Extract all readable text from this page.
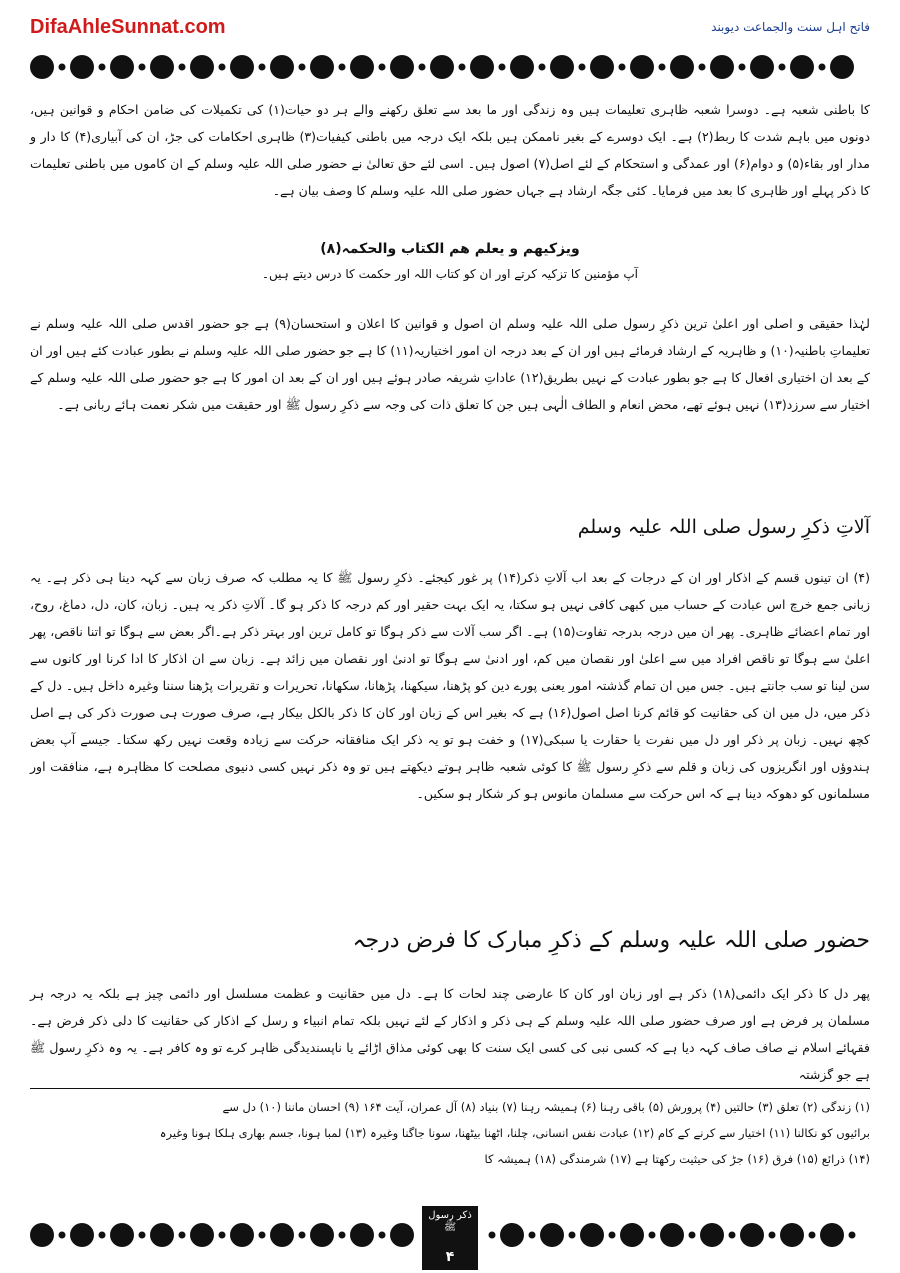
DifaAhleSunnat.com	فاتح اہل سنت والجماعت دیوبند

کا باطنی شعبہ ہے۔ دوسرا شعبہ ظاہری تعلیمات ہیں وہ زندگی اور ما بعد سے تعلق رکھنے والے ہر دو حیات(۱) کی تکمیلات کی ضامن احکام و قوانین ہیں، دونوں میں باہم شدت کا ربط(۲) ہے۔ ایک دوسرے کے بغیر ناممکن ہیں بلکہ ایک درجہ میں باطنی کیفیات(۳) ظاہری احکامات کی جڑ، ان کی آبیاری(۴) کا دار و مدار اور بقاء(۵) و دوام(۶) اور عمدگی و استحکام کے لئے اصل(۷) اصول ہیں۔ اسی لئے حق تعالیٰ نے حضور صلی اللہ علیہ وسلم کے ان کاموں میں باطنی تعلیمات کا ذکر پہلے اور ظاہری کا بعد میں فرمایا۔ کئی جگہ ارشاد ہے جہاں حضور صلی اللہ علیہ وسلم کا وصف بیان ہے۔

ویزکیھم و یعلم ھم الکتاب والحکمہ(۸)

آپ مؤمنین کا تزکیہ کرتے اور ان کو کتاب اللہ اور حکمت کا درس دیتے ہیں۔

لہٰذا حقیقی و اصلی اور اعلیٰ ترین ذکرِ رسول صلی اللہ علیہ وسلم ان اصول و قوانین کا اعلان و استحسان(۹) ہے جو حضور اقدس صلی اللہ علیہ وسلم نے تعلیماتِ باطنیہ(۱۰) و ظاہریہ کے ارشاد فرمائے ہیں اور ان کے بعد درجہ ان امور اختیاریہ(۱۱) کا ہے جو حضور صلی اللہ علیہ وسلم نے بطور عبادت کئے ہیں اور ان کے بعد ان اختیاری افعال کا ہے جو بطور عبادت کے نہیں بطریق(۱۲) عاداتِ شریفہ صادر ہوئے ہیں اور ان کے بعد ان امور کا ہے جو حضور صلی اللہ علیہ وسلم کے اختیار سے سرزد(۱۳) نہیں ہوئے تھے، محض انعام و الطاف الٰہی ہیں جن کا تعلق ذات کی وجہ سے ذکرِ رسول ﷺ اور حقیقت میں شکر نعمت ہائے ربانی ہے۔

آلاتِ ذکرِ رسول صلی اللہ علیہ وسلم

(۴) ان تینوں قسم کے اذکار اور ان کے درجات کے بعد اب آلاتِ ذکر(۱۴) پر غور کیجئے۔ ذکرِ رسول ﷺ کا یہ مطلب کہ صرف زبان سے کہہ دینا ہی ذکر ہے۔ یہ زبانی جمع خرچ اس عبادت کے حساب میں کبھی کافی نہیں ہو سکتا، یہ ایک بہت حقیر اور کم درجہ کا ذکر ہو گا۔ آلاتِ ذکر یہ ہیں۔ زبان، کان، دل، دماغ، روح، اور تمام اعضائے ظاہری۔ پھر ان میں درجہ بدرجہ تفاوت(۱۵) ہے۔ اگر سب آلات سے ذکر ہوگا تو کامل ترین اور بہتر ذکر ہے۔اگر بعض سے ہوگا تو اتنا ناقص، پھر اعلیٰ سے ہوگا تو ناقص افراد میں سے اعلیٰ اور نقصان میں کم، اور ادنیٰ سے ہوگا تو ادنیٰ اور نقصان میں زائد ہے۔ زبان سے ان اذکار کا ادا کرنا اور کانوں سے سن لینا تو سب جانتے ہیں۔ جس میں ان تمام گذشتہ امور یعنی پورے دین کو پڑھنا، سیکھنا، پڑھانا، سکھانا، تحریرات و تقریرات پڑھنا سننا وغیرہ داخل ہیں۔ دل کے ذکر میں، دل میں ان کی حقانیت کو قائم کرنا اصل اصول(۱۶) ہے کہ بغیر اس کے زبان اور کان کا ذکر بالکل بیکار ہے، صرف صورت ہی صورت ذکر کی ہے اصل کچھ نہیں۔ زبان پر ذکر اور دل میں نفرت یا حقارت یا سبکی(۱۷) و خفت ہو تو یہ ذکر ایک منافقانہ حرکت سے زیادہ وقعت نہیں رکھ سکتا۔ جیسے آپ بعض ہندوؤں اور انگریزوں کی زبان و قلم سے ذکرِ رسول ﷺ کا کوئی شعبہ ظاہر ہوتے دیکھتے ہیں تو وہ ذکر نہیں کسی دنیوی مصلحت کا مظاہرہ ہے، منافقت اور مسلمانوں کو دھوکہ دینا ہے کہ اس حرکت سے مسلمان مانوس ہو کر شکار ہو سکیں۔

حضور صلی اللہ علیہ وسلم کے ذکرِ مبارک کا فرض درجہ

پھر دل کا ذکر ایک دائمی(۱۸) ذکر ہے اور زبان اور کان کا عارضی چند لحات کا ہے۔ دل میں حقانیت و عظمت مسلسل اور دائمی چیز ہے بلکہ یہ درجہ ہر مسلمان پر فرض ہے اور صرف حضور صلی اللہ علیہ وسلم کے ہی ذکر و اذکار کے لئے نہیں بلکہ تمام انبیاء و رسل کے اذکار کی حقانیت کا دلی ذکر فرض ہے۔ فقہائے اسلام نے صاف صاف کہہ دیا ہے کہ کسی نبی کی کسی ایک سنت کا بھی کوئی مذاق اڑائے یا ناپسندیدگی ظاہر کرے تو وہ کافر ہے۔ یہ وہ ذکرِ رسول ﷺ ہے جو گزشتہ

(۱) زندگی (۲) تعلق (۳) حالتیں (۴) پرورش (۵) باقی رہنا (۶) ہمیشہ رہنا (۷) بنیاد (۸) آل عمران، آیت ۱۶۴ (۹) احسان ماننا (۱۰) دل سے
برائیوں کو نکالنا (۱۱) اختیار سے کرنے کے کام (۱۲) عبادت نفس انسانی، چلنا، اٹھنا بیٹھنا، سونا جاگنا وغیرہ (۱۳) لمبا ہونا، جسم بھاری ہلکا ہونا وغیرہ
(۱۴) ذرائع (۱۵) فرق (۱۶) جڑ کی حیثیت رکھتا ہے (۱۷) شرمندگی (۱۸) ہمیشہ کا
ذکر رسول ﷺ
۴
